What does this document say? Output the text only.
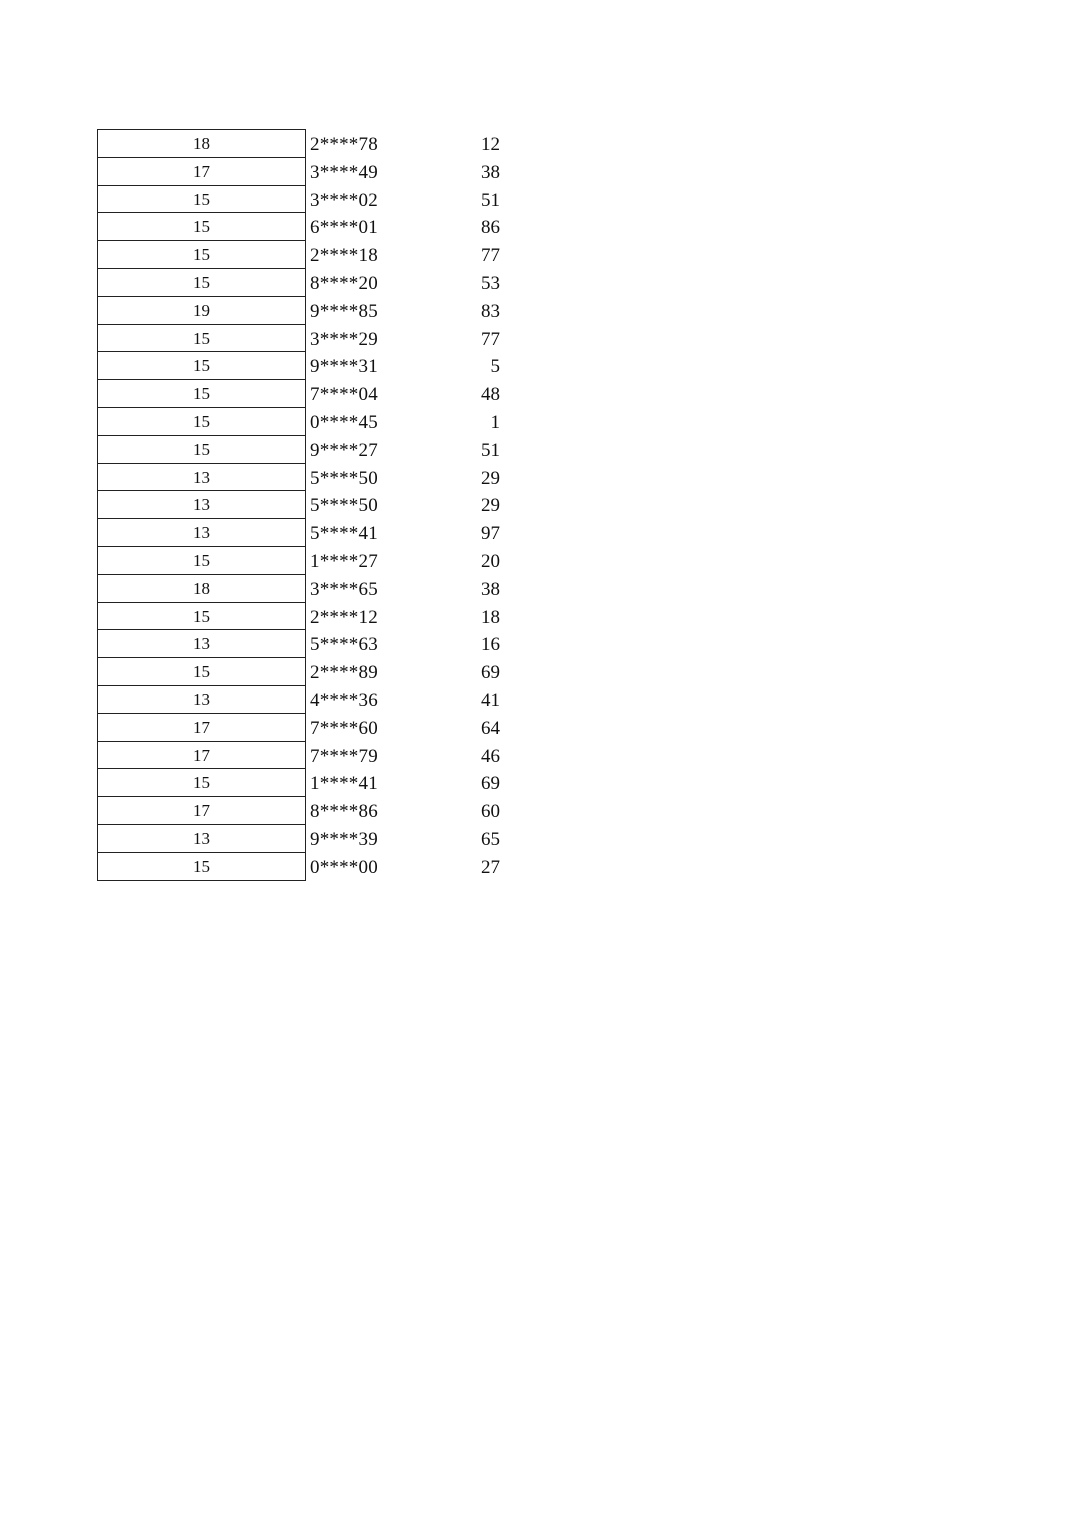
18	2****78	12
17	3****49	38
15	3****02	51
15	6****01	86
15	2****18	77
15	8****20	53
19	9****85	83
15	3****29	77
15	9****31	5
15	7****04	48
15	0****45	1
15	9****27	51
13	5****50	29
13	5****50	29
13	5****41	97
15	1****27	20
18	3****65	38
15	2****12	18
13	5****63	16
15	2****89	69
13	4****36	41
17	7****60	64
17	7****79	46
15	1****41	69
17	8****86	60
13	9****39	65
15	0****00	27
